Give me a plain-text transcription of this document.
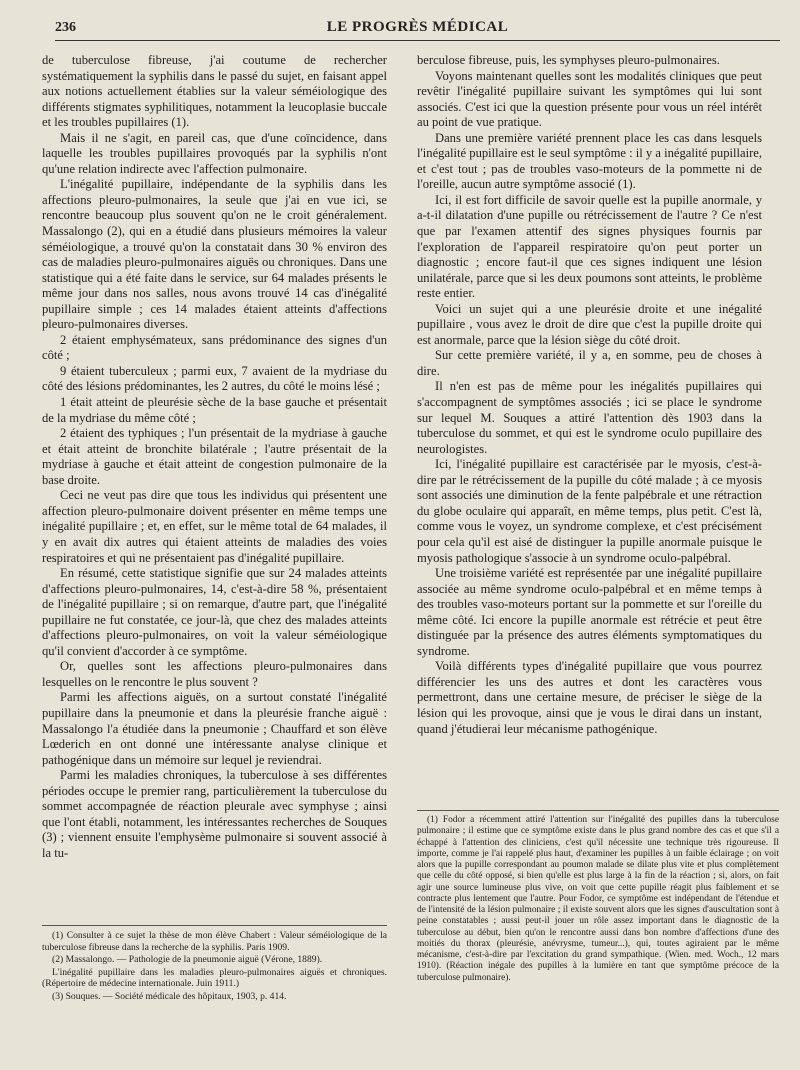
236	LE PROGRÈS MÉDICAL

de tuberculose fibreuse, j'ai coutume de rechercher systématiquement la syphilis dans le passé du sujet, en faisant appel aux notions actuellement établies sur la valeur séméiologique des différents stigmates syphilitiques, notamment la leucoplasie buccale et les troubles pupillaires (1).

Mais il ne s'agit, en pareil cas, que d'une coïncidence, dans laquelle les troubles pupillaires provoqués par la syphilis n'ont qu'une relation indirecte avec l'affection pulmonaire.

L'inégalité pupillaire, indépendante de la syphilis dans les affections pleuro-pulmonaires, la seule que j'ai en vue ici, se rencontre beaucoup plus souvent qu'on ne le croit généralement. Massalongo (2), qui en a étudié dans plusieurs mémoires la valeur séméiologique, a trouvé qu'on la constatait dans 30 % environ des cas de maladies pleuro-pulmonaires aiguës ou chroniques. Dans une statistique qui a été faite dans le service, sur 64 malades présents le même jour dans nos salles, nous avons trouvé 14 cas d'inégalité pupillaire simple ; ces 14 malades étaient atteints d'affections pleuro-pulmonaires diverses.

2 étaient emphysémateux, sans prédominance des signes d'un côté ;

9 étaient tuberculeux ; parmi eux, 7 avaient de la mydriase du côté des lésions prédominantes, les 2 autres, du côté le moins lésé ;

1 était atteint de pleurésie sèche de la base gauche et présentait de la mydriase du même côté ;

2 étaient des typhiques ; l'un présentait de la mydriase à gauche et était atteint de bronchite bilatérale ; l'autre présentait de la mydriase à gauche et était atteint de congestion pulmonaire de la base droite.

Ceci ne veut pas dire que tous les individus qui présentent une affection pleuro-pulmonaire doivent présenter en même temps une inégalité pupillaire ; et, en effet, sur le même total de 64 malades, il y en avait dix autres qui étaient atteints de maladies des voies respiratoires et qui ne présentaient pas d'inégalité pupillaire.

En résumé, cette statistique signifie que sur 24 malades atteints d'affections pleuro-pulmonaires, 14, c'est-à-dire 58 %, présentaient de l'inégalité pupillaire ; si on remarque, d'autre part, que l'inégalité pupillaire ne fut constatée, ce jour-là, que chez des malades atteints d'affections pleuro-pulmonaires, on voit la valeur séméiologique qu'il convient d'accorder à ce symptôme.

Or, quelles sont les affections pleuro-pulmonaires dans lesquelles on le rencontre le plus souvent ?

Parmi les affections aiguës, on a surtout constaté l'inégalité pupillaire dans la pneumonie et dans la pleurésie franche aiguë : Massalongo l'a étudiée dans la pneumonie ; Chauffard et son élève Lœderich en ont donné une intéressante analyse clinique et pathogénique dans un mémoire sur lequel je reviendrai.

Parmi les maladies chroniques, la tuberculose à ses différentes périodes occupe le premier rang, particulièrement la tuberculose du sommet accompagnée de réaction pleurale avec symphyse ; ainsi que l'ont établi, notamment, les intéressantes recherches de Souques (3) ; viennent ensuite l'emphysème pulmonaire si souvent associé à la tu-

berculose fibreuse, puis, les symphyses pleuro-pulmonaires.

Voyons maintenant quelles sont les modalités cliniques que peut revêtir l'inégalité pupillaire suivant les symptômes qui lui sont associés. C'est ici que la question présente pour vous un réel intérêt au point de vue pratique.

Dans une première variété prennent place les cas dans lesquels l'inégalité pupillaire est le seul symptôme : il y a inégalité pupillaire, et c'est tout ; pas de troubles vaso-moteurs de la pommette ni de l'oreille, aucun autre symptôme associé (1).

Ici, il est fort difficile de savoir quelle est la pupille anormale, y a-t-il dilatation d'une pupille ou rétrécissement de l'autre ? Ce n'est que par l'examen attentif des signes physiques fournis par l'exploration de l'appareil respiratoire qu'on peut porter un diagnostic ; encore faut-il que ces signes indiquent une lésion unilatérale, parce que si les deux poumons sont atteints, le problème reste entier.

Voici un sujet qui a une pleurésie droite et une inégalité pupillaire , vous avez le droit de dire que c'est la pupille droite qui est anormale, parce que la lésion siège du côté droit.

Sur cette première variété, il y a, en somme, peu de choses à dire.

Il n'en est pas de même pour les inégalités pupillaires qui s'accompagnent de symptômes associés ; ici se place le syndrome sur lequel M. Souques a attiré l'attention dès 1903 dans la tuberculose du sommet, et qui est le syndrome oculo pupillaire des neurologistes.

Ici, l'inégalité pupillaire est caractérisée par le myosis, c'est-à-dire par le rétrécissement de la pupille du côté malade ; à ce myosis sont associés une diminution de la fente palpébrale et une rétraction du globe oculaire qui apparaît, en même temps, plus petit. C'est là, comme vous le voyez, un syndrome complexe, et c'est précisément pour cela qu'il est aisé de distinguer la pupille anormale puisque le myosis pathologique s'associe à un syndrome oculo-palpébral.

Une troisième variété est représentée par une inégalité pupillaire associée au même syndrome oculo-palpébral et en même temps à des troubles vaso-moteurs portant sur la pommette et sur l'oreille du même côté. Ici encore la pupille anormale est rétrécie et peut être distinguée par la présence des autres éléments symptomatiques du syndrome.

Voilà différents types d'inégalité pupillaire que vous pourrez différencier les uns des autres et dont les caractères vous permettront, dans une certaine mesure, de préciser le siège de la lésion qui les provoque, ainsi que je vous le dirai dans un instant, quand j'étudierai leur mécanisme pathogénique.

(1) Fodor a récemment attiré l'attention sur l'inégalité des pupilles dans la tuberculose pulmonaire ; il estime que ce symptôme existe dans le plus grand nombre des cas et que s'il a échappé à l'attention des cliniciens, c'est qu'il nécessite une technique très rigoureuse. Il importe, comme je l'ai rappelé plus haut, d'examiner les pupilles à un faible éclairage ; on voit alors que la pupille correspondant au poumon malade se dilate plus vite et plus complètement que celle du côté opposé, si bien qu'elle est plus large à la fin de la réaction ; si, alors, on fait agir une source lumineuse plus vive, on voit que cette pupille réagit plus faiblement et se contracte plus lentement que l'autre. Pour Fodor, ce symptôme est indépendant de l'étendue et de l'intensité de la lésion pulmonaire ; il existe souvent alors que les signes d'auscultation sont à peine constatables ; aussi peut-il jouer un rôle assez important dans le diagnostic de la tuberculose au début, bien qu'on le rencontre aussi dans bon nombre d'affections d'une des moitiés du thorax (pleurésie, anévrysme, tumeur...), qui, toutes agiraient par le même mécanisme, c'est-à-dire par l'excitation du grand sympathique. (Wien. med. Woch., 12 mars 1910). (Réaction inégale des pupilles à la lumière en tant que symptôme précoce de la tuberculose pulmonaire).

(1) Consulter à ce sujet la thèse de mon élève Chabert : Valeur séméiologique de la tuberculose fibreuse dans la recherche de la syphilis. Paris 1909.

(2) Massalongo. — Pathologie de la pneumonie aiguë (Vérone, 1889).

L'inégalité pupillaire dans les maladies pleuro-pulmonaires aiguës et chroniques. (Répertoire de médecine internationale. Juin 1911.)

(3) Souques. — Société médicale des hôpitaux, 1903, p. 414.
